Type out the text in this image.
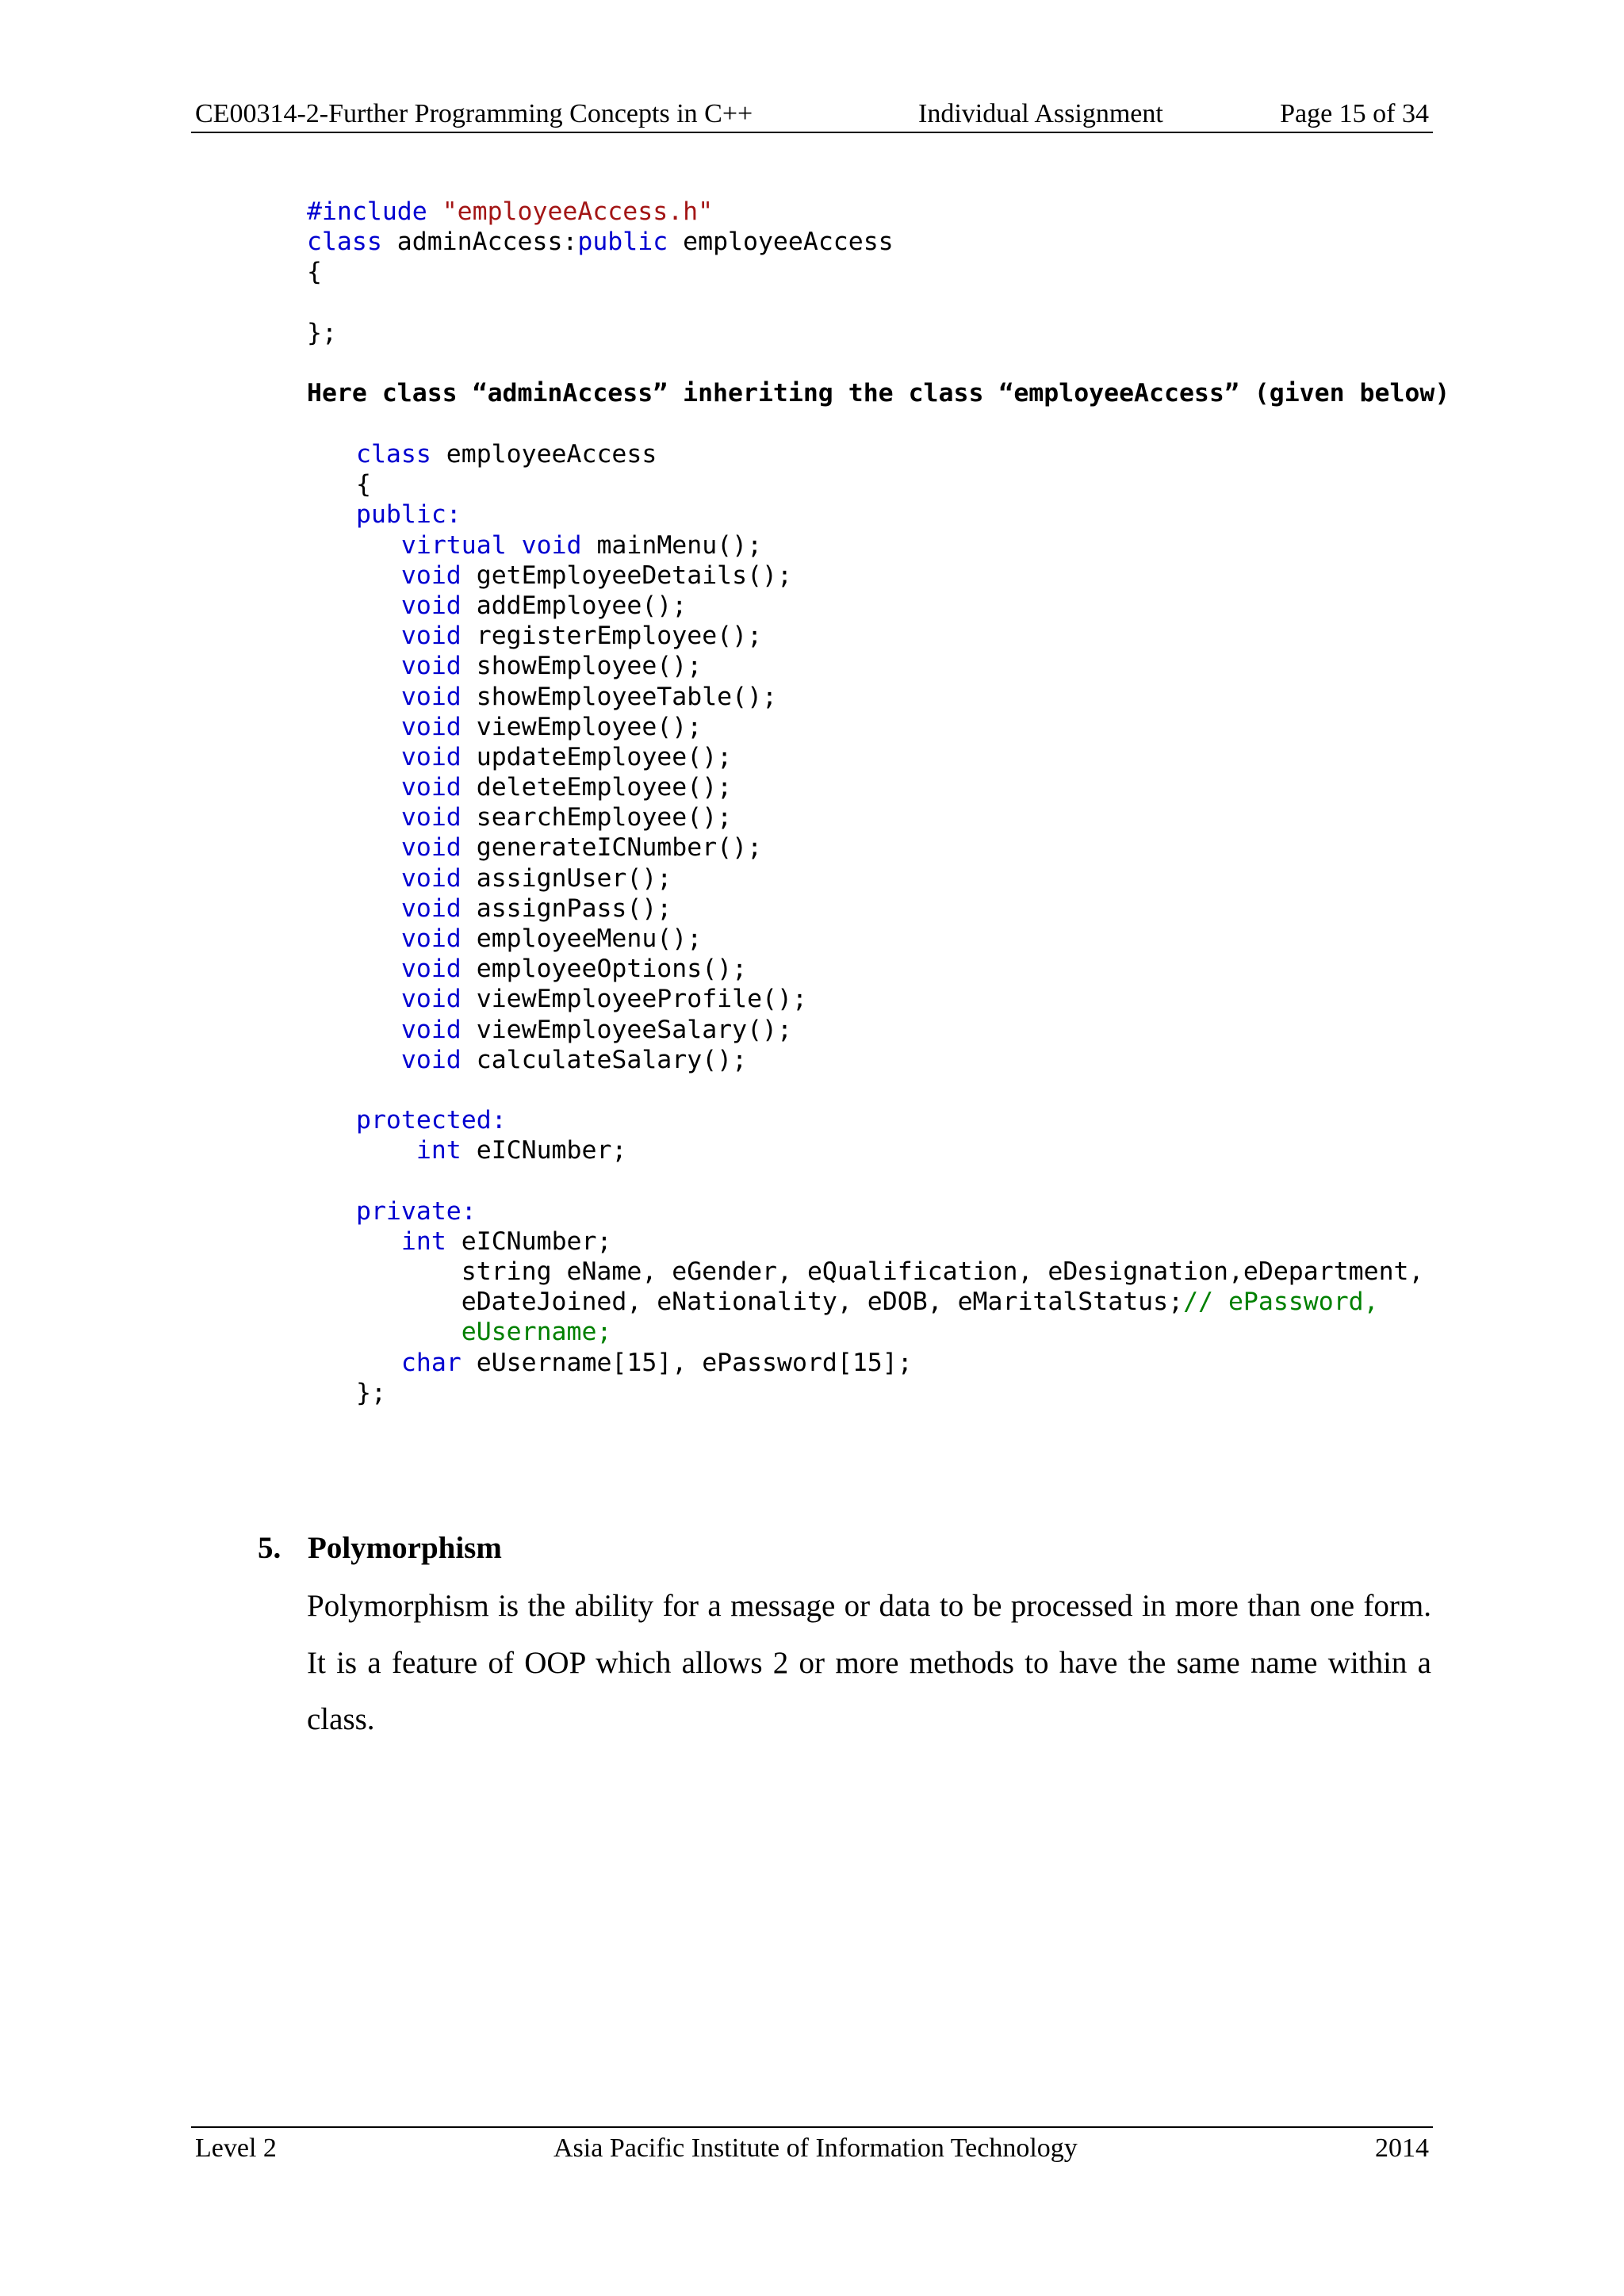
CE00314-2-Further Programming Concepts in C++	Individual Assignment	Page 15 of 34
#include "employeeAccess.h"
class adminAccess:public employeeAccess
{
};
Here class “adminAccess” inheriting the class “employeeAccess” (given below)
class employeeAccess
{
public:
virtual void mainMenu();
void getEmployeeDetails();
void addEmployee();
void registerEmployee();
void showEmployee();
void showEmployeeTable();
void viewEmployee();
void updateEmployee();
void deleteEmployee();
void searchEmployee();
void generateICNumber();
void assignUser();
void assignPass();
void employeeMenu();
void employeeOptions();
void viewEmployeeProfile();
void viewEmployeeSalary();
void calculateSalary();
protected:
int eICNumber;
private:
int eICNumber;
string eName, eGender, eQualification, eDesignation,eDepartment,
eDateJoined, eNationality, eDOB, eMaritalStatus;// ePassword,
eUsername;
char eUsername[15], ePassword[15];
};
5. Polymorphism
Polymorphism is the ability for a message or data to be processed in more than one form. It is a feature of OOP which allows 2 or more methods to have the same name within a class.
Level 2	Asia Pacific Institute of Information Technology	2014
